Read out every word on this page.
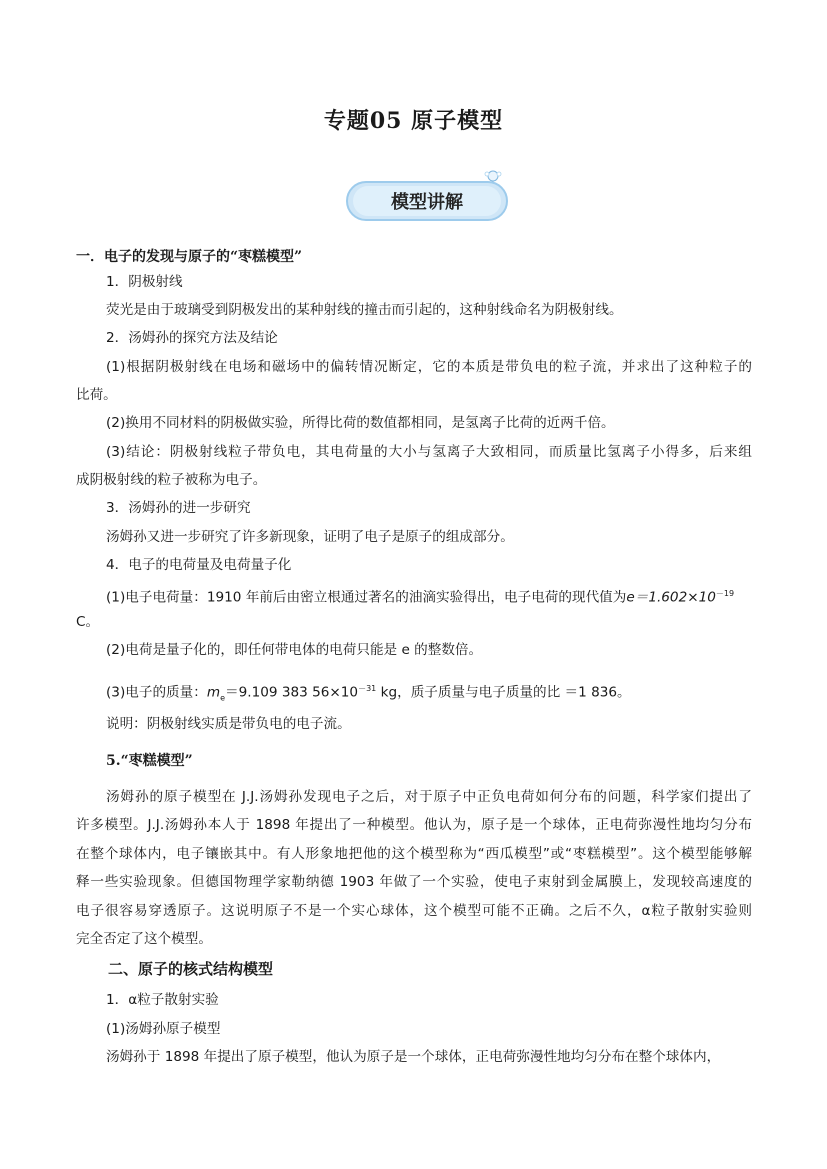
专题05 原子模型
模型讲解
一．电子的发现与原子的“枣糕模型”
1．阴极射线
荧光是由于玻璃受到阴极发出的某种射线的撞击而引起的，这种射线命名为阴极射线。
2．汤姆孙的探究方法及结论
(1)根据阴极射线在电场和磁场中的偏转情况断定，它的本质是带负电的粒子流，并求出了这种粒子的
比荷。
(2)换用不同材料的阴极做实验，所得比荷的数值都相同，是氢离子比荷的近两千倍。
(3)结论：阴极射线粒子带负电，其电荷量的大小与氢离子大致相同，而质量比氢离子小得多，后来组
成阴极射线的粒子被称为电子。
3．汤姆孙的进一步研究
汤姆孙又进一步研究了许多新现象，证明了电子是原子的组成部分。
4．电子的电荷量及电荷量子化
(1)电子电荷量：1910 年前后由密立根通过著名的油滴实验得出，电子电荷的现代值为$e=1.602\times 10^{-19}$
C。
(2)电荷是量子化的，即任何带电体的电荷只能是 e 的整数倍。
(3)电子的质量：$m_e=9.109$ 383 $56\times 10^{-31}$ kg，质子质量与电子质量的比 ＝1 836。
说明：阴极射线实质是带负电的电子流。
5.“枣糕模型”
汤姆孙的原子模型在 J.J.汤姆孙发现电子之后，对于原子中正负电荷如何分布的问题，科学家们提出了
许多模型。J.J.汤姆孙本人于 1898 年提出了一种模型。他认为，原子是一个球体，正电荷弥漫性地均匀分布
在整个球体内，电子镶嵌其中。有人形象地把他的这个模型称为“西瓜模型”或“枣糕模型”。这个模型能够解
释一些实验现象。但德国物理学家勒纳德 1903 年做了一个实验，使电子束射到金属膜上，发现较高速度的
电子很容易穿透原子。这说明原子不是一个实心球体，这个模型可能不正确。之后不久，α粒子散射实验则
完全否定了这个模型。
二、原子的核式结构模型
1．α粒子散射实验
(1)汤姆孙原子模型
汤姆孙于 1898 年提出了原子模型，他认为原子是一个球体，正电荷弥漫性地均匀分布在整个球体内，
